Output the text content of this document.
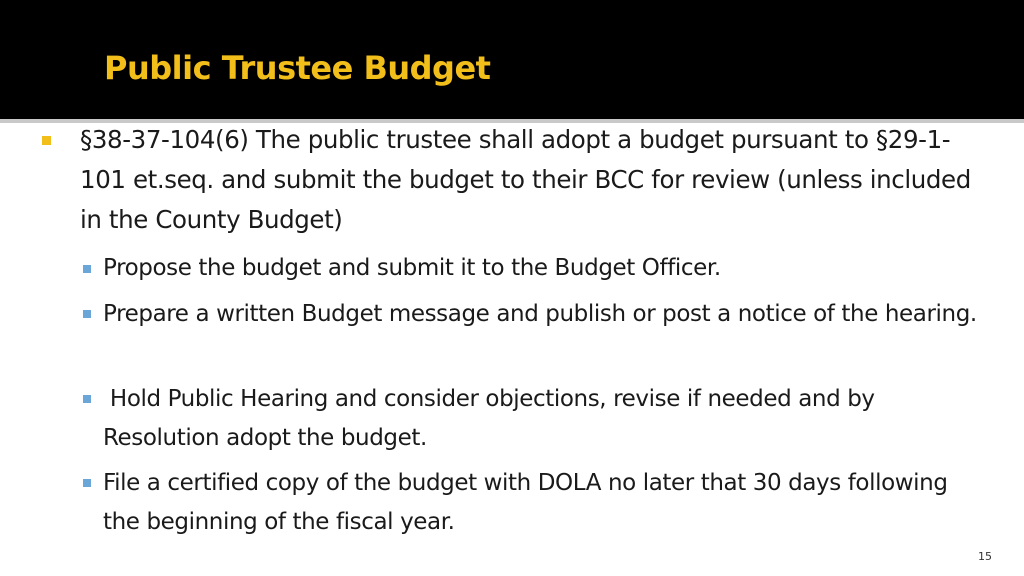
Public Trustee Budget
§38-37-104(6) The public trustee shall adopt a budget pursuant to §29-1-101 et.seq. and submit the budget to their BCC for review (unless included in the County Budget)
Propose the budget and submit it to the Budget Officer.
Prepare a written Budget message and publish or post a notice of the hearing.
Hold Public Hearing and consider objections, revise if needed and by Resolution adopt the budget.
File a certified copy of the budget with DOLA no later that 30 days following the beginning of the fiscal year.
15
